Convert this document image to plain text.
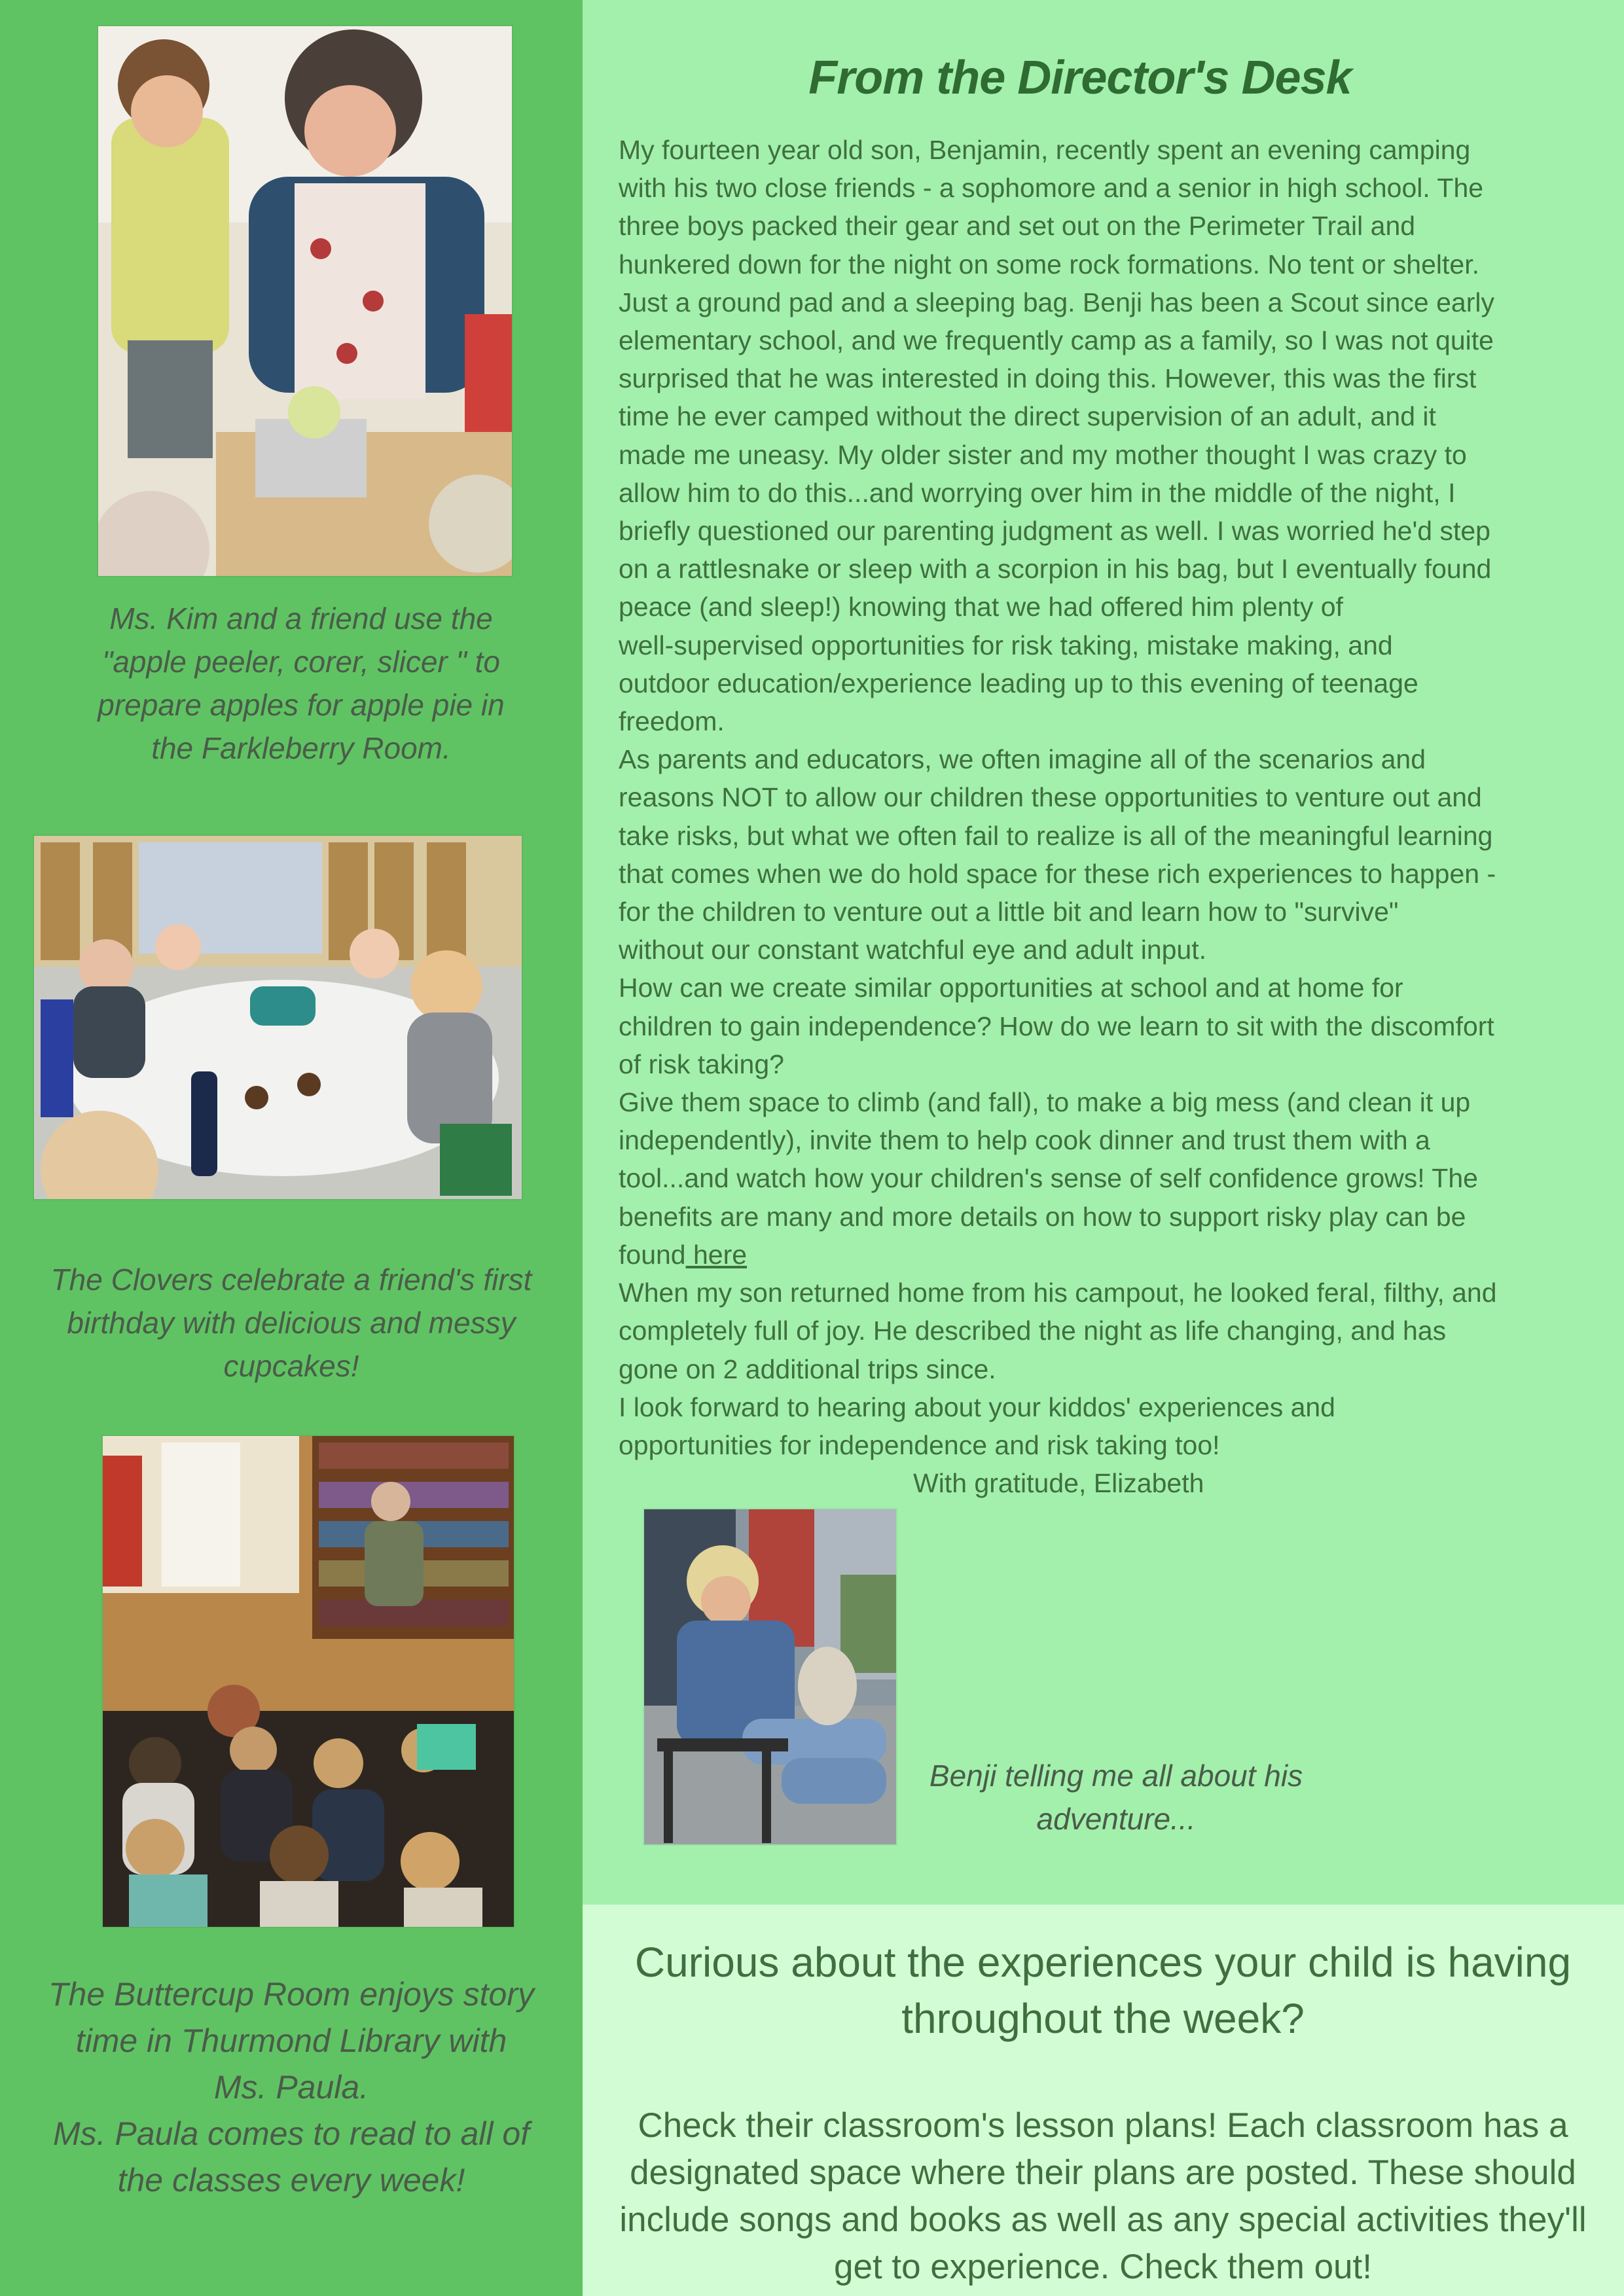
Ms. Kim and a friend use the
"apple peeler, corer, slicer " to
prepare apples for apple pie in
the Farkleberry Room.
The Clovers celebrate a friend's first
birthday with delicious and messy
cupcakes!
The Buttercup Room enjoys story
time in Thurmond Library with
Ms. Paula.
Ms. Paula comes to read to all of
the classes every week!
From the Director's Desk
My fourteen year old son, Benjamin, recently spent an evening camping
with his two close friends - a sophomore and a senior in high school. The
three boys packed their gear and set out on the Perimeter Trail and
hunkered down for the night on some rock formations. No tent or shelter.
Just a ground pad and a sleeping bag. Benji has been a Scout since early
elementary school, and we frequently camp as a family, so I was not quite
surprised that he was interested in doing this. However, this was the first
time he ever camped without the direct supervision of an adult, and it
made me uneasy. My older sister and my mother thought I was crazy to
allow him to do this...and worrying over him in the middle of the night, I
briefly questioned our parenting judgment as well. I was worried he'd step
on a rattlesnake or sleep with a scorpion in his bag, but I eventually found
peace (and sleep!) knowing that we had offered him plenty of
well-supervised opportunities for risk taking, mistake making, and
outdoor education/experience leading up to this evening of teenage
freedom.
As parents and educators, we often imagine all of the scenarios and
reasons NOT to allow our children these opportunities to venture out and
take risks, but what we often fail to realize is all of the meaningful learning
that comes when we do hold space for these rich experiences to happen -
for the children to venture out a little bit and learn how to "survive"
without our constant watchful eye and adult input.
How can we create similar opportunities at school and at home for
children to gain independence? How do we learn to sit with the discomfort
of risk taking?
Give them space to climb (and fall), to make a big mess (and clean it up
independently), invite them to help cook dinner and trust them with a
tool...and watch how your children's sense of self confidence grows! The
benefits are many and more details on how to support risky play can be
found here
When my son returned home from his campout, he looked feral, filthy, and
completely full of joy. He described the night as life changing, and has
gone on 2 additional trips since.
I look forward to hearing about your kiddos' experiences and
opportunities for independence and risk taking too!
With gratitude, Elizabeth
Benji telling me all about his
adventure...
Curious about the experiences your child is having
throughout the week?
Check their classroom's lesson plans! Each classroom has a
designated space where their plans are posted. These should
include songs and books as well as any special activities they'll
get to experience. Check them out!
